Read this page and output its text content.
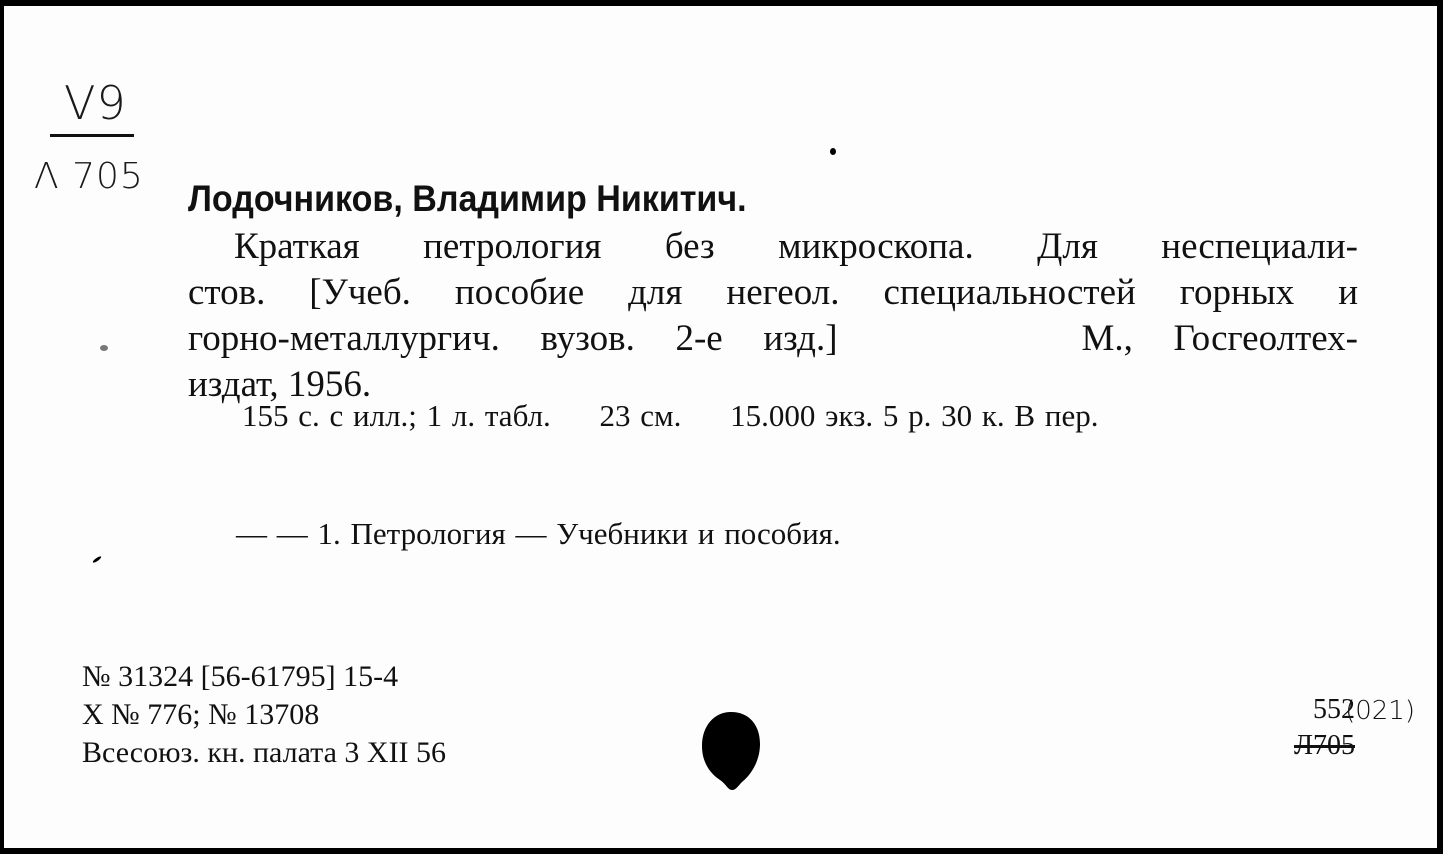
V9
Λ 705
Лодочников, Владимир Никитич.
Краткая петрология без микроскопа. Для неспециали-
стов. [Учеб. пособие для негеол. специальностей горных и
горно-металлургич. вузов. 2-е изд.]      М., Госгеолтех-
издат, 1956.
155 с. с илл.; 1 л. табл.     23 см.     15.000 экз. 5 р. 30 к. В пер.
— — 1. Петрология — Учебники и пособия.
№ 31324 [56-61795] 15-4
Х № 776; № 13708
Всесоюз. кн. палата 3 XII 56
552
Л705
(021)
